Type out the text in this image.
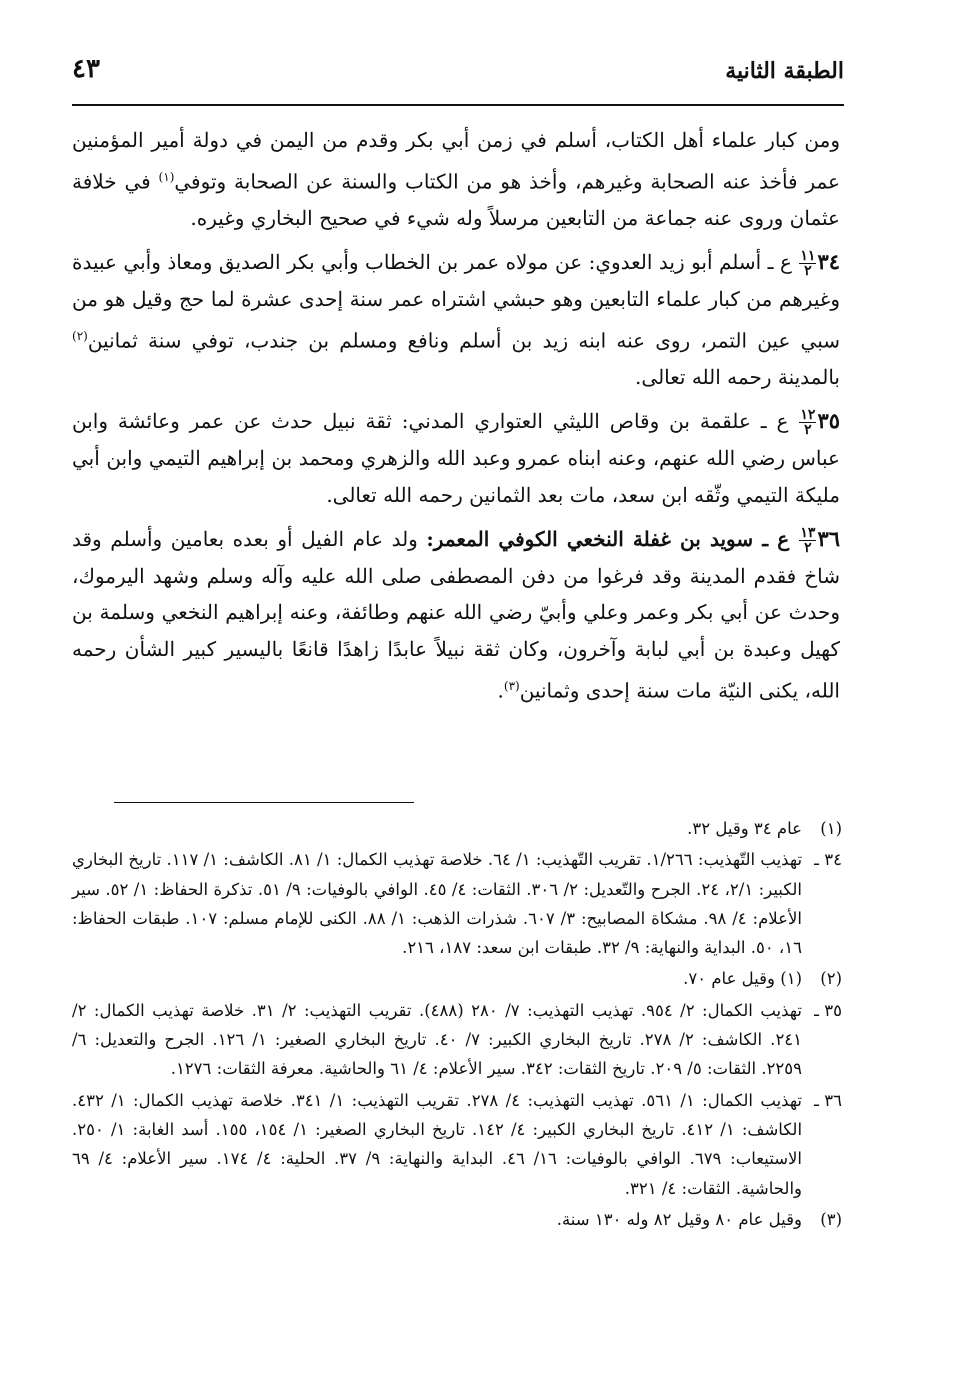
الطبقة الثانية
٤٣

ومن كبار علماء أهل الكتاب، أسلم في زمن أبي بكر وقدم من اليمن في دولة أمير المؤمنين عمر فأخذ عنه الصحابة وغيرهم، وأخذ هو من الكتاب والسنة عن الصحابة وتوفي$^{(١)}$ في خلافة عثمان وروى عنه جماعة من التابعين مرسلاً وله شيء في صحيح البخاري وغيره.

٣٤
$\frac{١١}{٢}$
ع ـ أسلم أبو زيد العدوي: عن مولاه عمر بن الخطاب وأبي بكر الصديق ومعاذ وأبي عبيدة وغيرهم من كبار علماء التابعين وهو حبشي اشتراه عمر سنة إحدى عشرة لما حج وقيل هو من سبي عين التمر، روى عنه ابنه زيد بن أسلم ونافع ومسلم بن جندب، توفي سنة ثمانين$^{(٢)}$ بالمدينة رحمه الله تعالى.

٣٥
$\frac{١٢}{٢}$
ع ـ علقمة بن وقاص الليثي العتواري المدني: ثقة نبيل حدث عن عمر وعائشة وابن عباس رضي الله عنهم، وعنه ابناه عمرو وعبد الله والزهري ومحمد بن إبراهيم التيمي وابن أبي مليكة التيمي وثّقه ابن سعد، مات بعد الثمانين رحمه الله تعالى.

٣٦
$\frac{١٣}{٢}$
ع ـ سويد بن غفلة النخعي الكوفي المعمر: ولد عام الفيل أو بعده بعامين وأسلم وقد شاخ فقدم المدينة وقد فرغوا من دفن المصطفى صلى الله عليه وآله وسلم وشهد اليرموك، وحدث عن أبي بكر وعمر وعلي وأبيّ رضي الله عنهم وطائفة، وعنه إبراهيم النخعي وسلمة بن كهيل وعبدة بن أبي لبابة وآخرون، وكان ثقة نبيلاً عابدًا زاهدًا قانعًا باليسير كبير الشأن رحمه الله، يكنى النيّة مات سنة إحدى وثمانين$^{(٣)}$.

(١)
عام ٣٤ وقيل ٣٢.
٣٤ ـ
تهذيب التّهذيب: ١/٢٦٦. تقريب التّهذيب: ١/ ٦٤. خلاصة تهذيب الكمال: ١/ ٨١. الكاشف: ١/ ١١٧. تاريخ البخاري الكبير: ٢/١، ٢٤. الجرح والتّعديل: ٢/ ٣٠٦. الثقات: ٤/ ٤٥. الوافي بالوفيات: ٩/ ٥١. تذكرة الحفاظ: ١/ ٥٢. سير الأعلام: ٤/ ٩٨. مشكاة المصابيح: ٣/ ٦٠٧. شذرات الذهب: ١/ ٨٨. الكنى للإمام مسلم: ١٠٧. طبقات الحفاظ: ١٦، ٥٠. البداية والنهاية: ٩/ ٣٢. طبقات ابن سعد: ١٨٧، ٢١٦.
(٢)
(١) وقيل عام ٧٠.
٣٥ ـ
تهذيب الكمال: ٢/ ٩٥٤. تهذيب التهذيب: ٧/ ٢٨٠ (٤٨٨). تقريب التهذيب: ٢/ ٣١. خلاصة تهذيب الكمال: ٢/ ٢٤١. الكاشف: ٢/ ٢٧٨. تاريخ البخاري الكبير: ٧/ ٤٠. تاريخ البخاري الصغير: ١/ ١٢٦. الجرح والتعديل: ٦/ ٢٢٥٩. الثقات: ٥/ ٢٠٩. تاريخ الثقات: ٣٤٢. سير الأعلام: ٤/ ٦١ والحاشية. معرفة الثقات: ١٢٧٦.
٣٦ ـ
تهذيب الكمال: ١/ ٥٦١. تهذيب التهذيب: ٤/ ٢٧٨. تقريب التهذيب: ١/ ٣٤١. خلاصة تهذيب الكمال: ١/ ٤٣٢. الكاشف: ١/ ٤١٢. تاريخ البخاري الكبير: ٤/ ١٤٢. تاريخ البخاري الصغير: ١/ ١٥٤، ١٥٥. أسد الغابة: ١/ ٢٥٠. الاستيعاب: ٦٧٩. الوافي بالوفيات: ١٦/ ٤٦. البداية والنهاية: ٩/ ٣٧. الحلية: ٤/ ١٧٤. سير الأعلام: ٤/ ٦٩ والحاشية. الثقات: ٤/ ٣٢١.
(٣)
وقيل عام ٨٠ وقيل ٨٢ وله ١٣٠ سنة.
